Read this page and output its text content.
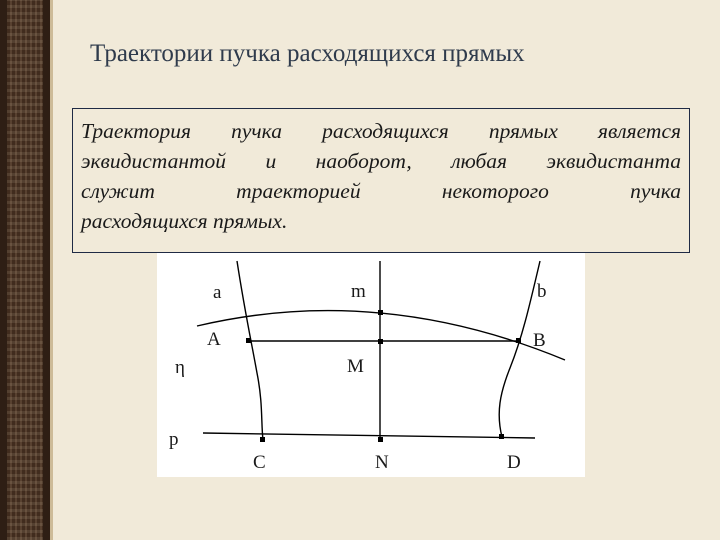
Траектории пучка расходящихся прямых
Траектория пучка расходящихся прямых является
эквидистантой и наоборот, любая эквидистанта
служит траекторией некоторого пучка
расходящихся прямых.
a	m	b
A	B
M
η
p
C	N	D
